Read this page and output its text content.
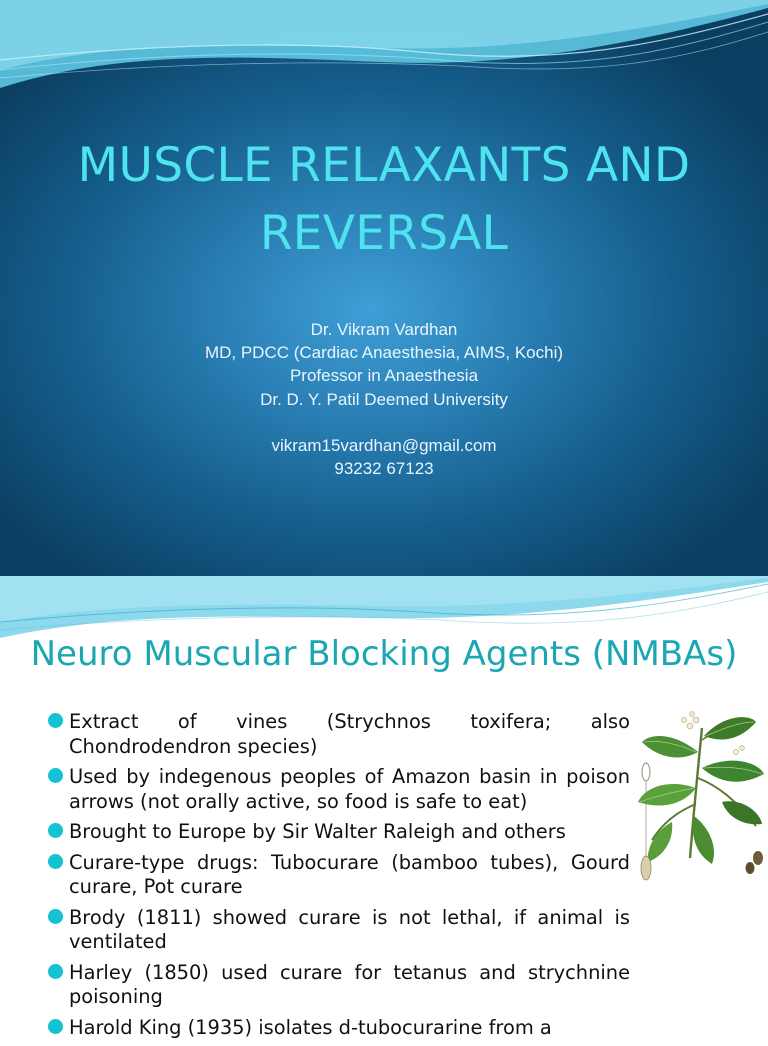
MUSCLE RELAXANTS AND
REVERSAL
Dr. Vikram Vardhan
MD, PDCC (Cardiac Anaesthesia, AIMS, Kochi)
Professor in Anaesthesia
Dr. D. Y. Patil Deemed University
vikram15vardhan@gmail.com
93232 67123
Neuro Muscular Blocking Agents (NMBAs)
Extract of vines (Strychnos toxifera; also Chondrodendron species)
Used by indegenous peoples of Amazon basin in poison arrows (not orally active, so food is safe to eat)
Brought to Europe by Sir Walter Raleigh and others
Curare-type drugs: Tubocurare (bamboo tubes), Gourd curare, Pot curare
Brody (1811) showed curare is not lethal, if animal is ventilated
Harley (1850) used curare for tetanus and strychnine poisoning
Harold King (1935) isolates d-tubocurarine from a
